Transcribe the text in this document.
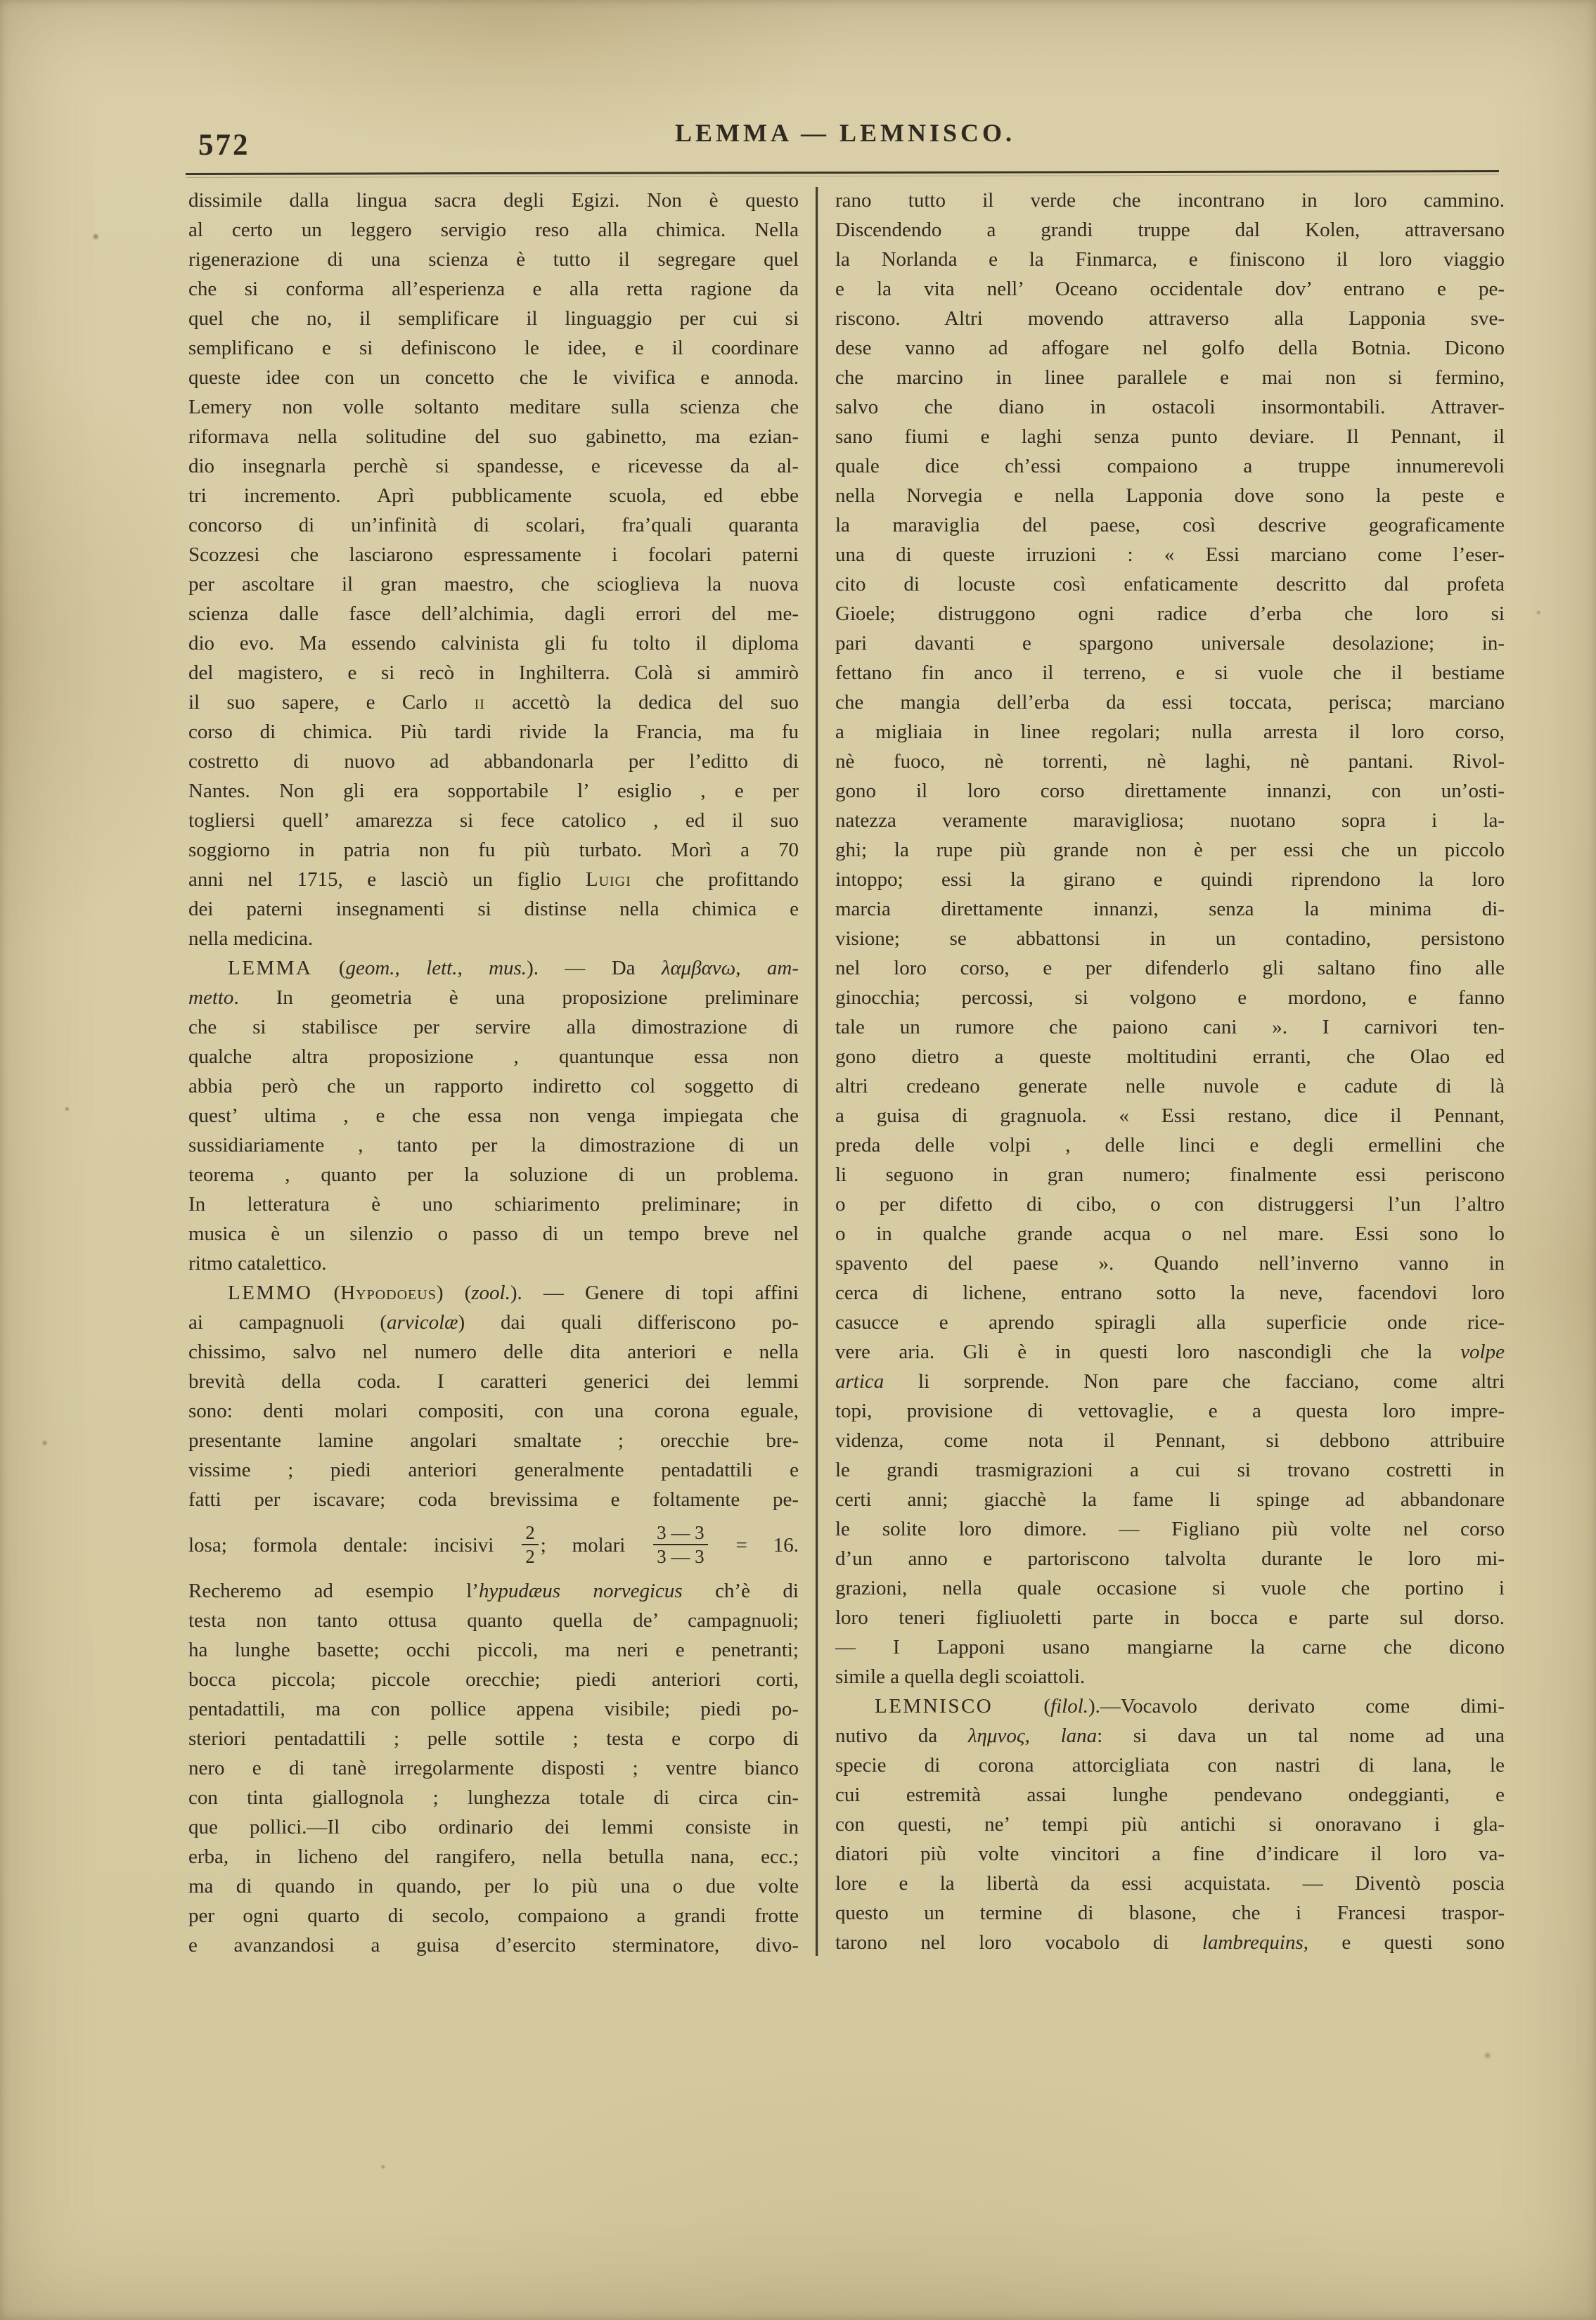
572	LEMMA — LEMNISCO.
dissimile dalla lingua sacra degli Egizi. Non è questo
al certo un leggero servigio reso alla chimica. Nella
rigenerazione di una scienza è tutto il segregare quel
che si conforma all’esperienza e alla retta ragione da
quel che no, il semplificare il linguaggio per cui si
semplificano e si definiscono le idee, e il coordinare
queste idee con un concetto che le vivifica e annoda.
Lemery non volle soltanto meditare sulla scienza che
riformava nella solitudine del suo gabinetto, ma ezian-
dio insegnarla perchè si spandesse, e ricevesse da al-
tri incremento. Aprì pubblicamente scuola, ed ebbe
concorso di un’infinità di scolari, fra’quali quaranta
Scozzesi che lasciarono espressamente i focolari paterni
per ascoltare il gran maestro, che scioglieva la nuova
scienza dalle fasce dell’alchimia, dagli errori del me-
dio evo. Ma essendo calvinista gli fu tolto il diploma
del magistero, e si recò in Inghilterra. Colà si ammirò
il suo sapere, e Carlo ii accettò la dedica del suo
corso di chimica. Più tardi rivide la Francia, ma fu
costretto di nuovo ad abbandonarla per l’editto di
Nantes. Non gli era sopportabile l’ esiglio , e per
togliersi quell’ amarezza si fece catolico , ed il suo
soggiorno in patria non fu più turbato. Morì a 70
anni nel 1715, e lasciò un figlio Luigi che profittando
dei paterni insegnamenti si distinse nella chimica e
nella medicina.
LEMMA (geom., lett., mus.). — Da λαμβανω, am-
metto. In geometria è una proposizione preliminare
che si stabilisce per servire alla dimostrazione di
qualche altra proposizione , quantunque essa non
abbia però che un rapporto indiretto col soggetto di
quest’ ultima , e che essa non venga impiegata che
sussidiariamente , tanto per la dimostrazione di un
teorema , quanto per la soluzione di un problema.
In letteratura è uno schiarimento preliminare; in
musica è un silenzio o passo di un tempo breve nel
ritmo catalettico.
LEMMO (Hypodoeus) (zool.). — Genere di topi affini
ai campagnuoli (arvicolæ) dai quali differiscono po-
chissimo, salvo nel numero delle dita anteriori e nella
brevità della coda. I caratteri generici dei lemmi
sono: denti molari compositi, con una corona eguale,
presentante lamine angolari smaltate ; orecchie bre-
vissime ; piedi anteriori generalmente pentadattili e
fatti per iscavare; coda brevissima e foltamente pe-
losa; formola dentale: incisivi $\frac{2}{2}$ ; molari $\frac{3 — 3}{3 — 3} = 16$.
Recheremo ad esempio l’hypudæus norvegicus ch’è di
testa non tanto ottusa quanto quella de’ campagnuoli;
ha lunghe basette; occhi piccoli, ma neri e penetranti;
bocca piccola; piccole orecchie; piedi anteriori corti,
pentadattili, ma con pollice appena visibile; piedi po-
steriori pentadattili ; pelle sottile ; testa e corpo di
nero e di tanè irregolarmente disposti ; ventre bianco
con tinta giallognola ; lunghezza totale di circa cin-
que pollici.—Il cibo ordinario dei lemmi consiste in
erba, in licheno del rangifero, nella betulla nana, ecc.;
ma di quando in quando, per lo più una o due volte
per ogni quarto di secolo, compaiono a grandi frotte
e avanzandosi a guisa d’esercito sterminatore, divo-
rano tutto il verde che incontrano in loro cammino.
Discendendo a grandi truppe dal Kolen, attraversano
la Norlanda e la Finmarca, e finiscono il loro viaggio
e la vita nell’ Oceano occidentale dov’ entrano e pe-
riscono. Altri movendo attraverso alla Lapponia sve-
dese vanno ad affogare nel golfo della Botnia. Dicono
che marcino in linee parallele e mai non si fermino,
salvo che diano in ostacoli insormontabili. Attraver-
sano fiumi e laghi senza punto deviare. Il Pennant, il
quale dice ch’essi compaiono a truppe innumerevoli
nella Norvegia e nella Lapponia dove sono la peste e
la maraviglia del paese, così descrive geograficamente
una di queste irruzioni : « Essi marciano come l’eser-
cito di locuste così enfaticamente descritto dal profeta
Gioele; distruggono ogni radice d’erba che loro si
pari davanti e spargono universale desolazione; in-
fettano fin anco il terreno, e si vuole che il bestiame
che mangia dell’erba da essi toccata, perisca; marciano
a migliaia in linee regolari; nulla arresta il loro corso,
nè fuoco, nè torrenti, nè laghi, nè pantani. Rivol-
gono il loro corso direttamente innanzi, con un’osti-
natezza veramente maravigliosa; nuotano sopra i la-
ghi; la rupe più grande non è per essi che un piccolo
intoppo; essi la girano e quindi riprendono la loro
marcia direttamente innanzi, senza la minima di-
visione; se abbattonsi in un contadino, persistono
nel loro corso, e per difenderlo gli saltano fino alle
ginocchia; percossi, si volgono e mordono, e fanno
tale un rumore che paiono cani ». I carnivori ten-
gono dietro a queste moltitudini erranti, che Olao ed
altri credeano generate nelle nuvole e cadute di là
a guisa di gragnuola. « Essi restano, dice il Pennant,
preda delle volpi , delle linci e degli ermellini che
li seguono in gran numero; finalmente essi periscono
o per difetto di cibo, o con distruggersi l’un l’altro
o in qualche grande acqua o nel mare. Essi sono lo
spavento del paese ». Quando nell’inverno vanno in
cerca di lichene, entrano sotto la neve, facendovi loro
casucce e aprendo spiragli alla superficie onde rice-
vere aria. Gli è in questi loro nascondigli che la volpe
artica li sorprende. Non pare che facciano, come altri
topi, provisione di vettovaglie, e a questa loro impre-
videnza, come nota il Pennant, si debbono attribuire
le grandi trasmigrazioni a cui si trovano costretti in
certi anni; giacchè la fame li spinge ad abbandonare
le solite loro dimore. — Figliano più volte nel corso
d’un anno e partoriscono talvolta durante le loro mi-
grazioni, nella quale occasione si vuole che portino i
loro teneri figliuoletti parte in bocca e parte sul dorso.
— I Lapponi usano mangiarne la carne che dicono
simile a quella degli scoiattoli.
LEMNISCO (filol.).—Vocavolo derivato come dimi-
nutivo da λημνος, lana: si dava un tal nome ad una
specie di corona attorcigliata con nastri di lana, le
cui estremità assai lunghe pendevano ondeggianti, e
con questi, ne’ tempi più antichi si onoravano i gla-
diatori più volte vincitori a fine d’indicare il loro va-
lore e la libertà da essi acquistata. — Diventò poscia
questo un termine di blasone, che i Francesi traspor-
tarono nel loro vocabolo di lambrequins, e questi sono
